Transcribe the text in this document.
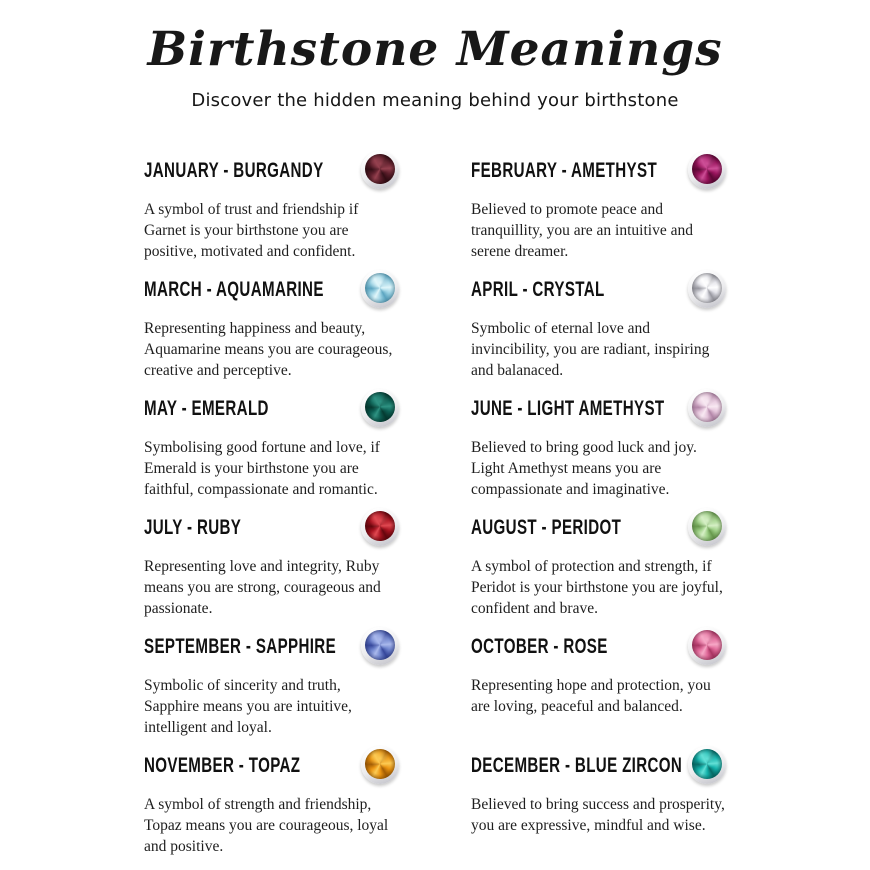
Birthstone Meanings

Discover the hidden meaning behind your birthstone

JANUARY - BURGANDY

A symbol of trust and friendship if Garnet is your birthstone you are positive, motivated and confident.

FEBRUARY - AMETHYST

Believed to promote peace and tranquillity, you are an intuitive and serene dreamer.

MARCH - AQUAMARINE

Representing happiness and beauty, Aquamarine means you are courageous, creative and perceptive.

APRIL - CRYSTAL

Symbolic of eternal love and invincibility, you are radiant, inspiring and balanaced.

MAY - EMERALD

Symbolising good fortune and love, if Emerald is your birthstone you are faithful, compassionate and romantic.

JUNE - LIGHT AMETHYST

Believed to bring good luck and joy. Light Amethyst means you are compassionate and imaginative.

JULY - RUBY

Representing love and integrity, Ruby means you are strong, courageous and passionate.

AUGUST - PERIDOT

A symbol of protection and strength, if Peridot is your birthstone you are joyful, confident and brave.

SEPTEMBER - SAPPHIRE

Symbolic of sincerity and truth, Sapphire means you are intuitive, intelligent and loyal.

OCTOBER - ROSE

Representing hope and protection, you are loving, peaceful and balanced.

NOVEMBER - TOPAZ

A symbol of strength and friendship, Topaz means you are courageous, loyal and positive.

DECEMBER - BLUE ZIRCON

Believed to bring success and prosperity, you are expressive, mindful and wise.
